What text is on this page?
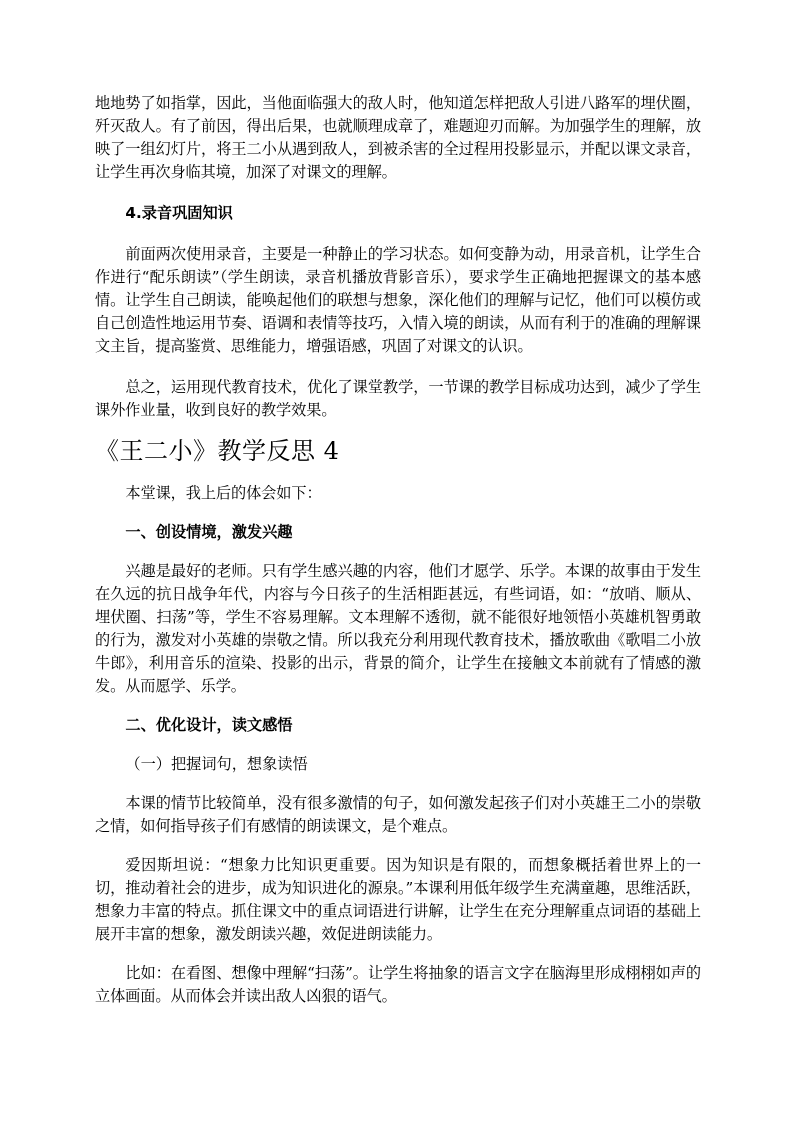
地地势了如指掌，因此，当他面临强大的敌人时，他知道怎样把敌人引进八路军的埋伏圈，歼灭敌人。有了前因，得出后果，也就顺理成章了，难题迎刃而解。为加强学生的理解，放映了一组幻灯片，将王二小从遇到敌人，到被杀害的全过程用投影显示，并配以课文录音，让学生再次身临其境，加深了对课文的理解。

4.录音巩固知识

前面两次使用录音，主要是一种静止的学习状态。如何变静为动，用录音机，让学生合作进行“配乐朗读”（学生朗读，录音机播放背影音乐），要求学生正确地把握课文的基本感情。让学生自己朗读，能唤起他们的联想与想象，深化他们的理解与记忆，他们可以模仿或自己创造性地运用节奏、语调和表情等技巧，入情入境的朗读，从而有利于的准确的理解课文主旨，提高鉴赏、思维能力，增强语感，巩固了对课文的认识。

总之，运用现代教育技术，优化了课堂教学，一节课的教学目标成功达到，减少了学生课外作业量，收到良好的教学效果。

《王二小》教学反思 4

本堂课，我上后的体会如下：

一、创设情境，激发兴趣

兴趣是最好的老师。只有学生感兴趣的内容，他们才愿学、乐学。本课的故事由于发生在久远的抗日战争年代，内容与今日孩子的生活相距甚远，有些词语，如：“放哨、顺从、埋伏圈、扫荡”等，学生不容易理解。文本理解不透彻，就不能很好地领悟小英雄机智勇敢的行为，激发对小英雄的崇敬之情。所以我充分利用现代教育技术，播放歌曲《歌唱二小放牛郎》，利用音乐的渲染、投影的出示，背景的简介，让学生在接触文本前就有了情感的激发。从而愿学、乐学。

二、优化设计，读文感悟

（一）把握词句，想象读悟

本课的情节比较简单，没有很多激情的句子，如何激发起孩子们对小英雄王二小的崇敬之情，如何指导孩子们有感情的朗读课文，是个难点。

爱因斯坦说：“想象力比知识更重要。因为知识是有限的，而想象概括着世界上的一切，推动着社会的进步，成为知识进化的源泉。”本课利用低年级学生充满童趣，思维活跃，想象力丰富的特点。抓住课文中的重点词语进行讲解，让学生在充分理解重点词语的基础上展开丰富的想象，激发朗读兴趣，效促进朗读能力。

比如：在看图、想像中理解“扫荡”。让学生将抽象的语言文字在脑海里形成栩栩如声的立体画面。从而体会并读出敌人凶狠的语气。
